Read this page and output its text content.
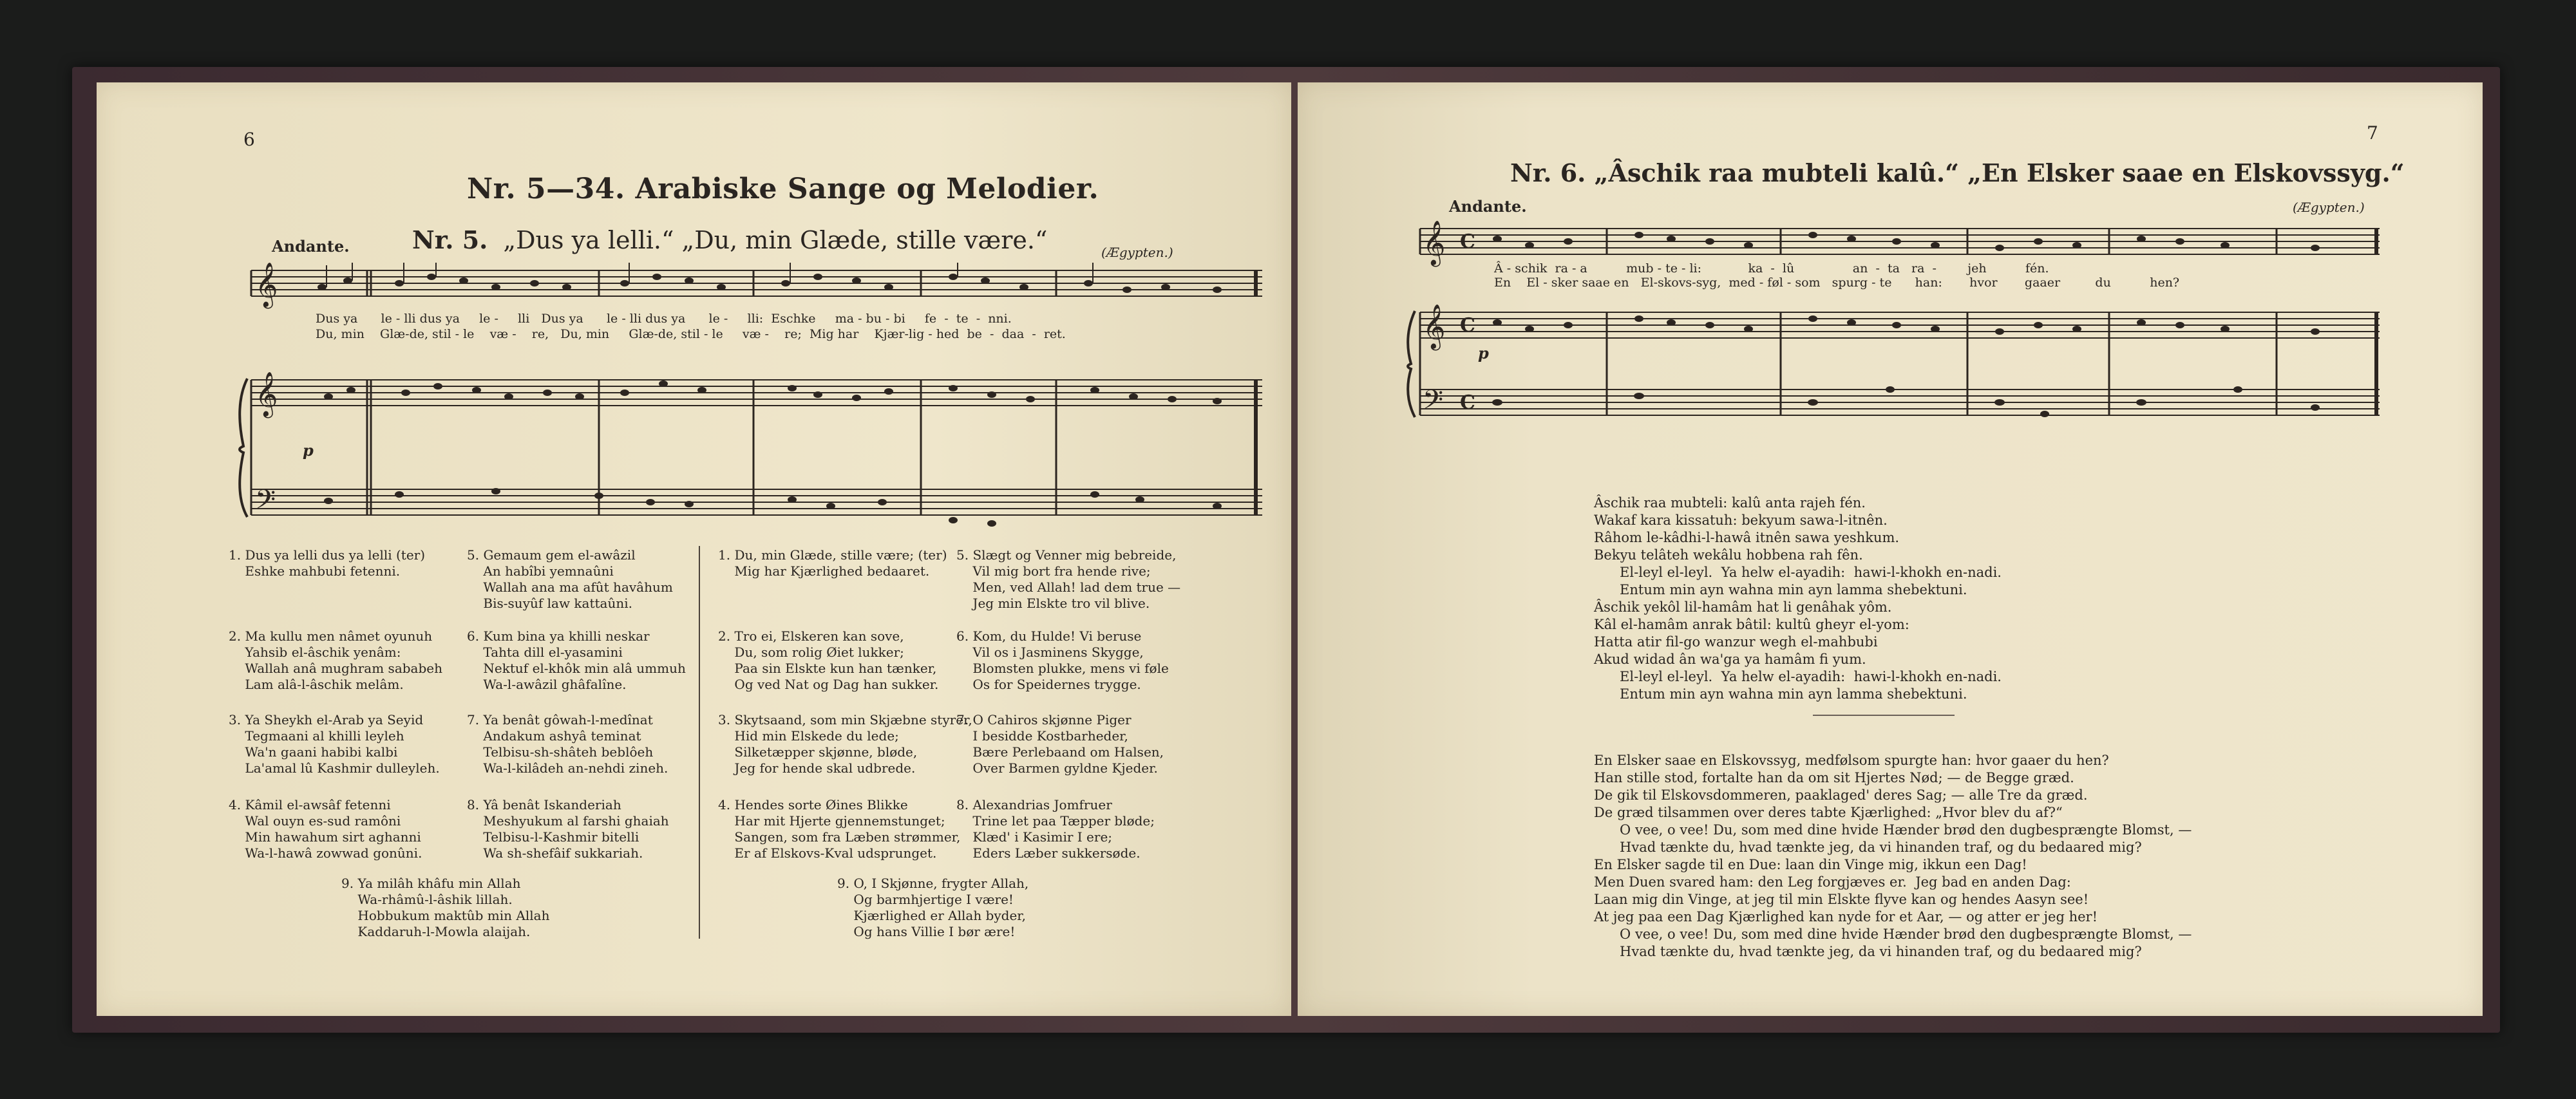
6
Nr. 5—34. Arabiske Sange og Melodier.
Andante.	Nr. 5. „Dus ya lelli.“ „Du, min Glæde, stille være.“	(Ægypten.)
𝄞
𝄞
𝄢
p
Dus ya      le - lli dus ya     le -     lli   Dus ya      le - lli dus ya      le -     lli:  Eschke     ma - bu - bi     fe  -  te  -  nni.
Du, min    Glæ-de, stil - le    væ -    re,   Du, min     Glæ-de, stil - le     væ -    re;  Mig har    Kjær-lig - hed  be  -  daa  -  ret.
1. Dus ya lelli dus ya lelli (ter)
Eshke mahbubi fetenni.
2. Ma kullu men nâmet oyunuh
Yahsib el-âschik yenâm:
Wallah anâ mughram sababeh
Lam alâ-l-âschik melâm.
3. Ya Sheykh el-Arab ya Seyid
Tegmaani al khilli leyleh
Wa'n gaani habibi kalbi
La'amal lû Kashmir dulleyleh.
4. Kâmil el-awsâf fetenni
Wal ouyn es-sud ramôni
Min hawahum sirt aghanni
Wa-l-hawâ zowwad gonûni.
5. Gemaum gem el-awâzil
An habîbi yemnaûni
Wallah ana ma afût havâhum
Bis-suyûf law kattaûni.
6. Kum bina ya khilli neskar
Tahta dill el-yasamini
Nektuf el-khôk min alâ ummuh
Wa-l-awâzil ghâfalîne.
7. Ya benât gôwah-l-medînat
Andakum ashyâ teminat
Telbisu-sh-shâteh beblôeh
Wa-l-kilâdeh an-nehdi zineh.
8. Yâ benât Iskanderiah
Meshyukum al farshi ghaiah
Telbisu-l-Kashmir bitelli
Wa sh-shefâif sukkariah.
9. Ya milâh khâfu min Allah
Wa-rhâmû-l-âshik lillah.
Hobbukum maktûb min Allah
Kaddaruh-l-Mowla alaijah.
1. Du, min Glæde, stille være; (ter)
Mig har Kjærlighed bedaaret.
2. Tro ei, Elskeren kan sove,
Du, som rolig Øiet lukker;
Paa sin Elskte kun han tænker,
Og ved Nat og Dag han sukker.
3. Skytsaand, som min Skjæbne styrer,
Hid min Elskede du lede;
Silketæpper skjønne, bløde,
Jeg for hende skal udbrede.
4. Hendes sorte Øines Blikke
Har mit Hjerte gjennemstunget;
Sangen, som fra Læben strømmer,
Er af Elskovs-Kval udsprunget.
5. Slægt og Venner mig bebreide,
Vil mig bort fra hende rive;
Men, ved Allah! lad dem true —
Jeg min Elskte tro vil blive.
6. Kom, du Hulde! Vi beruse
Vil os i Jasminens Skygge,
Blomsten plukke, mens vi føle
Os for Speidernes trygge.
7. O Cahiros skjønne Piger
I besidde Kostbarheder,
Bære Perlebaand om Halsen,
Over Barmen gyldne Kjeder.
8. Alexandrias Jomfruer
Trine let paa Tæpper bløde;
Klæd' i Kasimir I ere;
Eders Læber sukkersøde.
9. O, I Skjønne, frygter Allah,
Og barmhjertige I være!
Kjærlighed er Allah byder,
Og hans Villie I bør ære!
7
Nr. 6. „Âschik raa mubteli kalû.“ „En Elsker saae en Elskovssyg.“
Andante.	(Ægypten.)
𝄞
𝄞
𝄢
C
C
C
p
Â - schik  ra - a          mub - te - li:            ka  -  lû               an  -  ta   ra  -        jeh          fén.
En    El - sker saae en   El-skovs-syg,  med - føl - som   spurg - te      han:       hvor       gaaer         du          hen?
Âschik raa mubteli: kalû anta rajeh fén.
Wakaf kara kissatuh: bekyum sawa-l-itnên.
Râhom le-kâdhi-l-hawâ itnên sawa yeshkum.
Bekyu telâteh wekâlu hobbena rah fên.
El-leyl el-leyl.  Ya helw el-ayadih:  hawi-l-khokh en-nadi.
Entum min ayn wahna min ayn lamma shebektuni.
Âschik yekôl lil-hamâm hat li genâhak yôm.
Kâl el-hamâm anrak bâtil: kultû gheyr el-yom:
Hatta atir fil-go wanzur wegh el-mahbubi
Akud widad ân wa'ga ya hamâm fi yum.
El-leyl el-leyl.  Ya helw el-ayadih:  hawi-l-khokh en-nadi.
Entum min ayn wahna min ayn lamma shebektuni.
En Elsker saae en Elskovssyg, medfølsom spurgte han: hvor gaaer du hen?
Han stille stod, fortalte han da om sit Hjertes Nød; — de Begge græd.
De gik til Elskovsdommeren, paaklaged' deres Sag; — alle Tre da græd.
De græd tilsammen over deres tabte Kjærlighed: „Hvor blev du af?“
O vee, o vee! Du, som med dine hvide Hænder brød den dugbesprængte Blomst, —
Hvad tænkte du, hvad tænkte jeg, da vi hinanden traf, og du bedaared mig?
En Elsker sagde til en Due: laan din Vinge mig, ikkun een Dag!
Men Duen svared ham: den Leg forgjæves er.  Jeg bad en anden Dag:
Laan mig din Vinge, at jeg til min Elskte flyve kan og hendes Aasyn see!
At jeg paa een Dag Kjærlighed kan nyde for et Aar, — og atter er jeg her!
O vee, o vee! Du, som med dine hvide Hænder brød den dugbesprængte Blomst, —
Hvad tænkte du, hvad tænkte jeg, da vi hinanden traf, og du bedaared mig?
